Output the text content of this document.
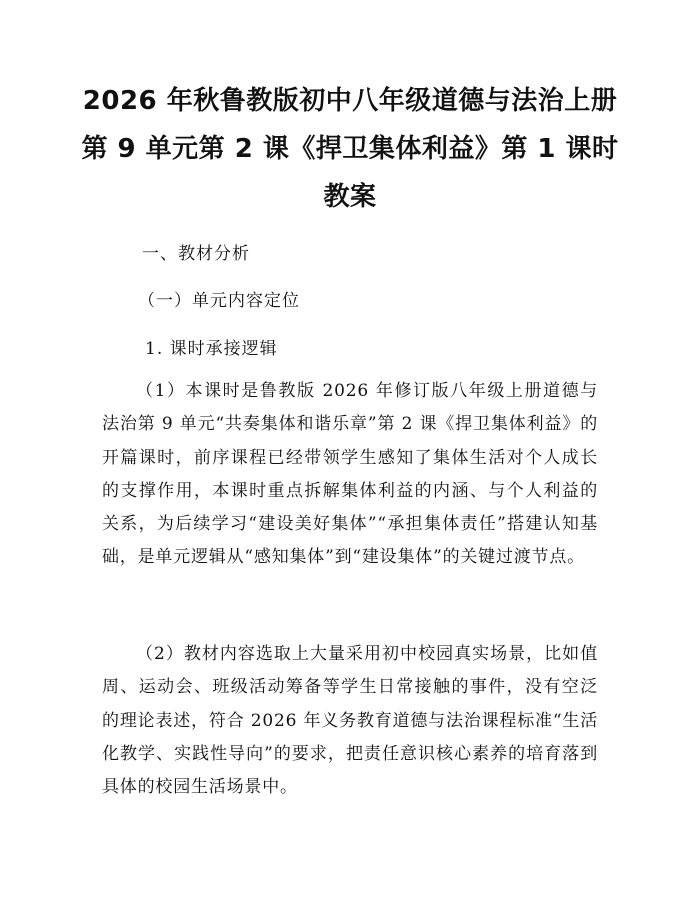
2026 年秋鲁教版初中八年级道德与法治上册
第 9 单元第 2 课《捍卫集体利益》第 1 课时
教案
一、教材分析
（一）单元内容定位
1. 课时承接逻辑
（1）本课时是鲁教版 2026 年修订版八年级上册道德与法治第 9 单元“共奏集体和谐乐章”第 2 课《捍卫集体利益》的开篇课时，前序课程已经带领学生感知了集体生活对个人成长的支撑作用，本课时重点拆解集体利益的内涵、与个人利益的关系，为后续学习“建设美好集体”“承担集体责任”搭建认知基础，是单元逻辑从“感知集体”到“建设集体”的关键过渡节点。
（2）教材内容选取上大量采用初中校园真实场景，比如值周、运动会、班级活动筹备等学生日常接触的事件，没有空泛的理论表述，符合 2026 年义务教育道德与法治课程标准“生活化教学、实践性导向”的要求，把责任意识核心素养的培育落到具体的校园生活场景中。
